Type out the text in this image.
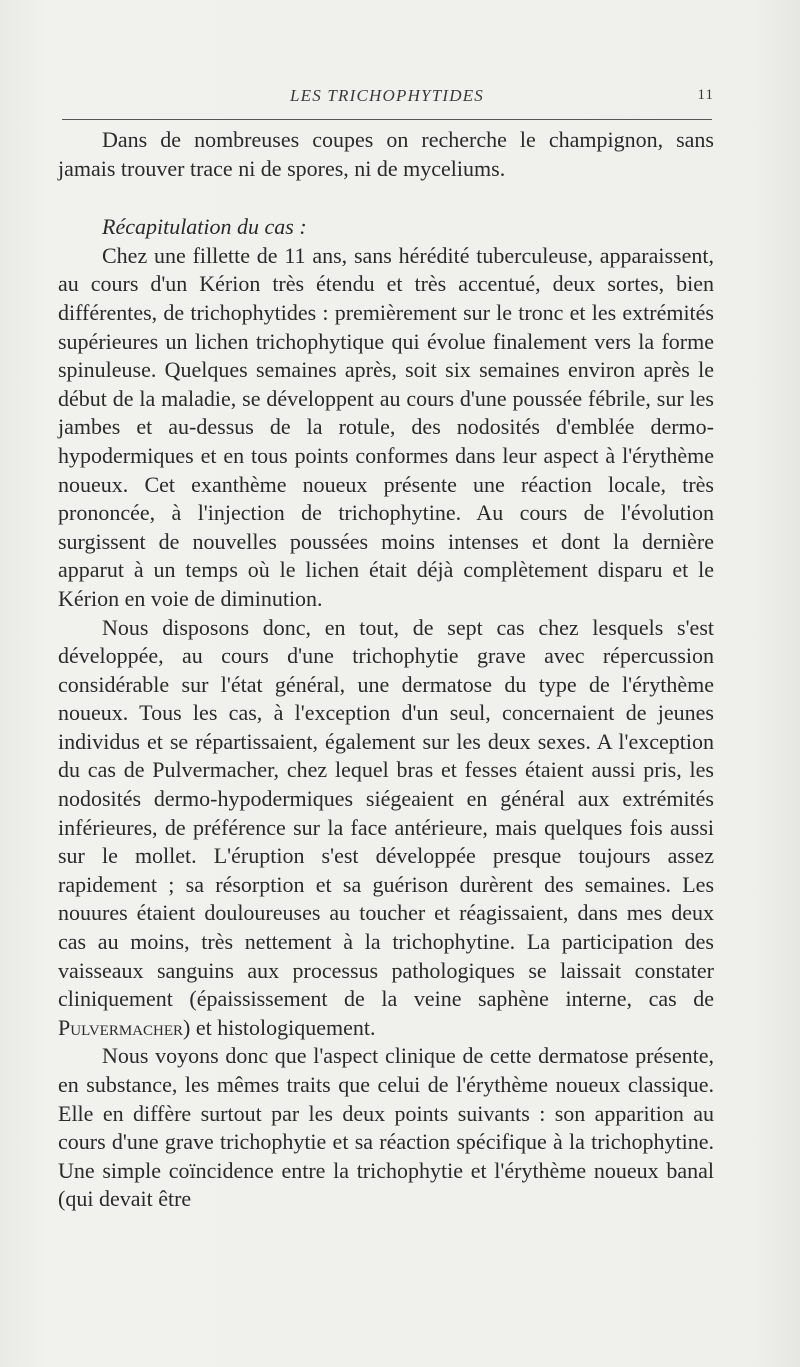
LES TRICHOPHYTIDES	11

Dans de nombreuses coupes on recherche le champignon, sans jamais trouver trace ni de spores, ni de myceliums.

Récapitulation du cas :

Chez une fillette de 11 ans, sans hérédité tuberculeuse, apparaissent, au cours d'un Kérion très étendu et très accentué, deux sortes, bien différentes, de trichophytides : premièrement sur le tronc et les extrémités supérieures un lichen trichophytique qui évolue finalement vers la forme spinuleuse. Quelques semaines après, soit six semaines environ après le début de la maladie, se développent au cours d'une poussée fébrile, sur les jambes et au-dessus de la rotule, des nodosités d'emblée dermo-hypodermiques et en tous points conformes dans leur aspect à l'érythème noueux. Cet exanthème noueux présente une réaction locale, très prononcée, à l'injection de trichophytine. Au cours de l'évolution surgissent de nouvelles poussées moins intenses et dont la dernière apparut à un temps où le lichen était déjà complètement disparu et le Kérion en voie de diminution.

Nous disposons donc, en tout, de sept cas chez lesquels s'est développée, au cours d'une trichophytie grave avec répercussion considérable sur l'état général, une dermatose du type de l'érythème noueux. Tous les cas, à l'exception d'un seul, concernaient de jeunes individus et se répartissaient, également sur les deux sexes. A l'exception du cas de Pulvermacher, chez lequel bras et fesses étaient aussi pris, les nodosités dermo-hypodermiques siégeaient en général aux extrémités inférieures, de préférence sur la face antérieure, mais quelques fois aussi sur le mollet. L'éruption s'est développée presque toujours assez rapidement ; sa résorption et sa guérison durèrent des semaines. Les nouures étaient douloureuses au toucher et réagissaient, dans mes deux cas au moins, très nettement à la trichophytine. La participation des vaisseaux sanguins aux processus pathologiques se laissait constater cliniquement (épaississement de la veine saphène interne, cas de Pulvermacher) et histologiquement.

Nous voyons donc que l'aspect clinique de cette dermatose présente, en substance, les mêmes traits que celui de l'érythème noueux classique. Elle en diffère surtout par les deux points suivants : son apparition au cours d'une grave trichophytie et sa réaction spécifique à la trichophytine. Une simple coïncidence entre la trichophytie et l'érythème noueux banal (qui devait être
